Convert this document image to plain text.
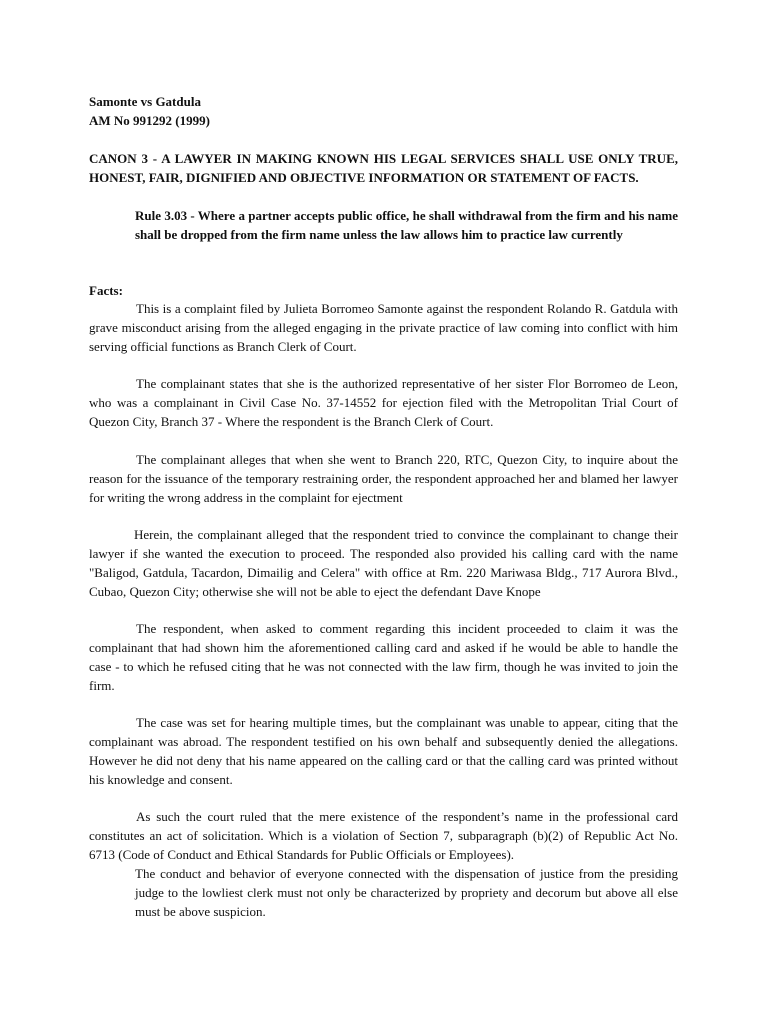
Samonte vs Gatdula

AM No 991292 (1999)

CANON 3 - A LAWYER IN MAKING KNOWN HIS LEGAL SERVICES SHALL USE ONLY TRUE, HONEST, FAIR, DIGNIFIED AND OBJECTIVE INFORMATION OR STATEMENT OF FACTS.

Rule 3.03 - Where a partner accepts public office, he shall withdrawal from the firm and his name shall be dropped from the firm name unless the law allows him to practice law currently

Facts:

This is a complaint filed by Julieta Borromeo Samonte against the respondent Rolando R. Gatdula with grave misconduct arising from the alleged engaging in the private practice of law coming into conflict with him serving official functions as Branch Clerk of Court.

The complainant states that she is the authorized representative of her sister Flor Borromeo de Leon, who was a complainant in Civil Case No. 37-14552 for ejection filed with the Metropolitan Trial Court of Quezon City, Branch 37 - Where the respondent is the Branch Clerk of Court.

The complainant alleges that when she went to Branch 220, RTC, Quezon City, to inquire about the reason for the issuance of the temporary restraining order, the respondent approached her and blamed her lawyer for writing the wrong address in the complaint for ejectment

Herein, the complainant alleged that the respondent tried to convince the complainant to change their lawyer if she wanted the execution to proceed. The responded also provided his calling card with the name "Baligod, Gatdula, Tacardon, Dimailig and Celera" with office at Rm. 220 Mariwasa Bldg., 717 Aurora Blvd., Cubao, Quezon City; otherwise she will not be able to eject the defendant Dave Knope

The respondent, when asked to comment regarding this incident proceeded to claim it was the complainant that had shown him the aforementioned calling card and asked if he would be able to handle the case - to which he refused citing that he was not connected with the law firm, though he was invited to join the firm.

The case was set for hearing multiple times, but the complainant was unable to appear, citing that the complainant was abroad. The respondent testified on his own behalf and subsequently denied the allegations. However he did not deny that his name appeared on the calling card or that the calling card was printed without his knowledge and consent.

As such the court ruled that the mere existence of the respondent’s name in the professional card constitutes an act of solicitation. Which is a violation of Section 7, subparagraph (b)(2) of Republic Act No. 6713 (Code of Conduct and Ethical Standards for Public Officials or Employees).

The conduct and behavior of everyone connected with the dispensation of justice from the presiding judge to the lowliest clerk must not only be characterized by propriety and decorum but above all else must be above suspicion.
